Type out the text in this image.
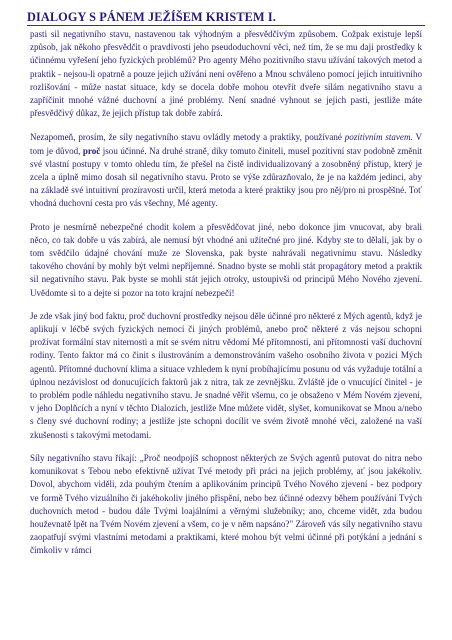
DIALOGY S PÁNEM JEŽÍŠEM KRISTEM I.

pasti sil negativního stavu, nastavenou tak výhodným a přesvědčivým způsobem. Cožpak existuje lepší způsob, jak někoho přesvědčit o pravdivosti jeho pseudoduchovní věci, než tím, že se mu dají prostředky k účinnému vyřešení jeho fyzických problémů? Pro agenty Mého pozitivního stavu užívání takových metod a praktik - nejsou-li opatrně a pouze jejich užívání není ověřeno a Mnou schváleno pomocí jejich intuitivního rozlišování - může nastat situace, kdy se docela dobře mohou otevřít dveře silám negativního stavu a zapříčinit mnohé vážné duchovní a jiné problémy. Není snadné vyhnout se jejich pasti, jestliže máte přesvědčivý důkaz, že jejich přístup tak dobře zabírá.

Nezapomeň, prosím, že síly negativního stavu ovládly metody a praktiky, používané pozitivním stavem. V tom je důvod, proč jsou účinné. Na druhé straně, díky tomuto činiteli, musel pozitivní stav podobně změnit své vlastní postupy v tomto ohledu tím, že přešel na čistě individualizovaný a zosobněný přístup, který je zcela a úplně mimo dosah sil negativního stavu. Proto se výše zdůrazňovalo, že je na každém jedinci, aby na základě své intuitivní prozíravosti určil, která metoda a které praktiky jsou pro něj/pro ni prospěšné. Toť vhodná duchovní cesta pro vás všechny, Mé agenty.

Proto je nesmírně nebezpečné chodit kolem a přesvědčovat jiné, nebo dokonce jim vnucovat, aby brali něco, co tak dobře u vás zabírá, ale nemusí být vhodné ani užitečné pro jiné. Kdyby ste to dělali, jak by o tom svědčilo údajné chování muže ze Slovenska, pak byste nahrávali negativnímu stavu. Následky takového chování by mohly být velmi nepříjemné. Snadno byste se mohli stát propagátory metod a praktik sil negativního stavu. Pak byste se mohli stát jejich otroky, ustoupivši od principů Mého Nového zjevení. Uvědomte si to a dejte si pozor na toto krajní nebezpečí!

Je zde však jiný bod faktu, proč duchovní prostředky nejsou děle účinné pro některé z Mých agentů, když je aplikují v léčbě svých fyzických nemocí či jiných problémů, anebo proč některé z vás nejsou schopni prožívat formální stav niternosti a mít se svém nitru vědomí Mé přítomnosti, ani přítomnosti vaší duchovní rodiny. Tento faktor má co činit s ilustrováním a demonstrováním vašeho osobního života v pozici Mých agentů. Přítomné duchovní klima a situace vzhledem k nyní probíhajícímu posunu od vás vyžaduje totální a úplnou nezávislost od donucujících faktorů jak z nitra, tak ze zevnějšku. Zvláště jde o vnucující činitel - je to problém podle náhledu negativního stavu. Je snadné věřit všemu, co je obsaženo v Mém Novém zjevení, v jeho Doplňcích a nyní v těchto Dialozích, jestliže Mne můžete vidět, slyšet, komunikovat se Mnou a/nebo s členy své duchovní rodiny; a jestliže jste schopni docílit ve svém životě mnohé věci, založené na vaší zkušenosti s takovými metodami.

Síly negativního stavu říkají: „Proč neodpojíš schopnost některých ze Svých agentů putovat do nitra nebo komunikovat s Tebou nebo efektivně užívat Tvé metody při práci na jejich problémy, ať jsou jakékoliv. Dovol, abychom viděli, zda pouhým čtením a aplikováním principů Tvého Nového zjevení - bez podpory ve formě Tvého vizuálního či jakéhokoliv jiného přispění, nebo bez účinné odezvy během používání Tvých duchovních metod - budou dále Tvými loajálními a věrnými služebníky; ano, chceme vidět, zda budou houževnatě lpět na Tvém Novém zjevení a všem, co je v něm napsáno?" Zároveň vás síly negativního stavu zaopatřují svými vlastními metodami a praktikami, které mohou být velmi účinné při potýkání a jednání s čímkoliv v rámci
